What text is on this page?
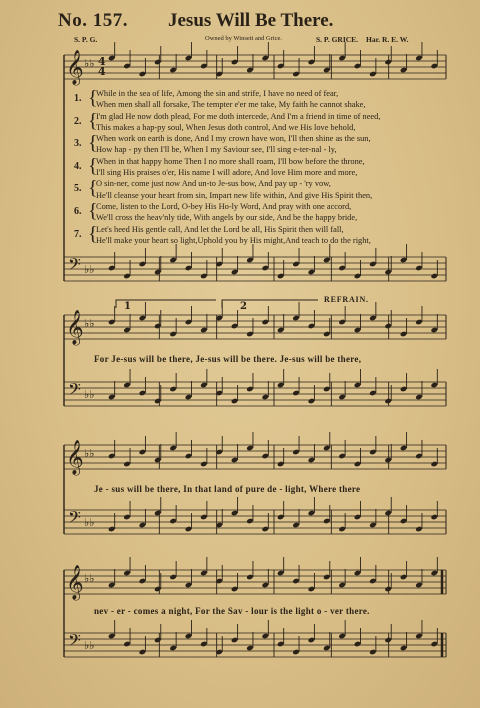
No. 157. Jesus Will Be There.
S. P. G.	Owned by Winsett and Grice.	S. P. GRICE. Har. R. E. W.
𝄞
𝄢
♭♭
♭♭
𝄞
𝄢
♭♭
♭♭
𝄞
𝄢
♭♭
♭♭
𝄞
𝄢
♭♭
♭♭
4
4
1	2
1. {
While in the sea of life, Among the sin and strife, I have no need of fear,
When men shall all forsake, The tempter e'er me take, My faith he cannot shake,
2. {
I'm glad He now doth plead, For me doth intercede, And I'm a friend in time of need,
This makes a hap-py soul, When Jesus doth control, And we His love behold,
3. {
When work on earth is done, And I my crown have won, I'll then shine as the sun,
How hap - py then I'll be, When I my Saviour see, I'll sing e-ter-nal - ly,
4. {
When in that happy home Then I no more shall roam, I'll bow before the throne,
I'll sing His praises o'er, His name I will adore, And love Him more and more,
5. {
O sin-ner, come just now And un-to Je-sus bow, And pay up - 'ry vow,
He'll cleanse your heart from sin, Impart new life within, And give His Spirit then,
6. {
Come, listen to the Lord, O-bey His Ho-ly Word, And pray with one accord,
We'll cross the heav'nly tide, With angels by our side, And be the happy bride,
7. {
Let's heed His gentle call, And let the Lord be all, His Spirit then will fall,
He'll make your heart so light,Uphold you by His might,And teach to do the right,
REFRAIN.
For Je-sus will be there, Je-sus will be there. Je-sus will be there,
Je - sus will be there, In that land of pure de - light, Where there
nev - er - comes a night, For the Sav - lour is the light o - ver there.
